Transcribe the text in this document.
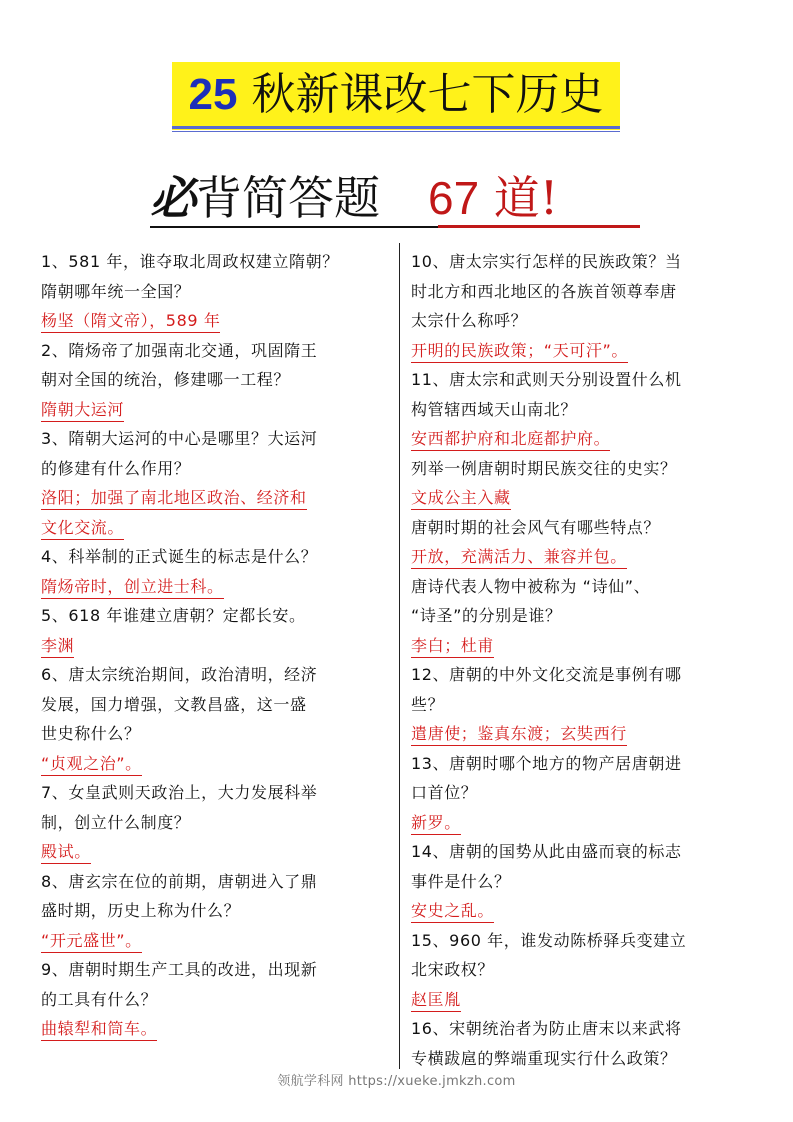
25 秋新课改七下历史
必背简答题 67 道!
1、581 年，谁夺取北周政权建立隋朝？
隋朝哪年统一全国？
杨坚（隋文帝），589 年
2、隋炀帝了加强南北交通，巩固隋王
朝对全国的统治，修建哪一工程？
隋朝大运河
3、隋朝大运河的中心是哪里？大运河
的修建有什么作用？
洛阳；加强了南北地区政治、经济和
文化交流。
4、科举制的正式诞生的标志是什么？
隋炀帝时，创立进士科。
5、618 年谁建立唐朝？定都长安。
李渊
6、唐太宗统治期间，政治清明，经济
发展，国力增强，文教昌盛，这一盛
世史称什么？
“贞观之治”。
7、女皇武则天政治上，大力发展科举
制，创立什么制度？
殿试。
8、唐玄宗在位的前期，唐朝进入了鼎
盛时期，历史上称为什么？
“开元盛世”。
9、唐朝时期生产工具的改进，出现新
的工具有什么？
曲辕犁和筒车。
10、唐太宗实行怎样的民族政策？当
时北方和西北地区的各族首领尊奉唐
太宗什么称呼？
开明的民族政策；“天可汗”。
11、唐太宗和武则天分别设置什么机
构管辖西域天山南北？
安西都护府和北庭都护府。
列举一例唐朝时期民族交往的史实？
文成公主入藏
唐朝时期的社会风气有哪些特点？
开放，充满活力、兼容并包。
唐诗代表人物中被称为 “诗仙”、
“诗圣”的分别是谁？
李白；杜甫
12、唐朝的中外文化交流是事例有哪
些？
遣唐使；鉴真东渡；玄奘西行
13、唐朝时哪个地方的物产居唐朝进
口首位？
新罗。
14、唐朝的国势从此由盛而衰的标志
事件是什么？
安史之乱。
15、960 年，谁发动陈桥驿兵变建立
北宋政权？
赵匡胤
16、宋朝统治者为防止唐末以来武将
专横跋扈的弊端重现实行什么政策？
领航学科网 https://xueke.jmkzh.com
